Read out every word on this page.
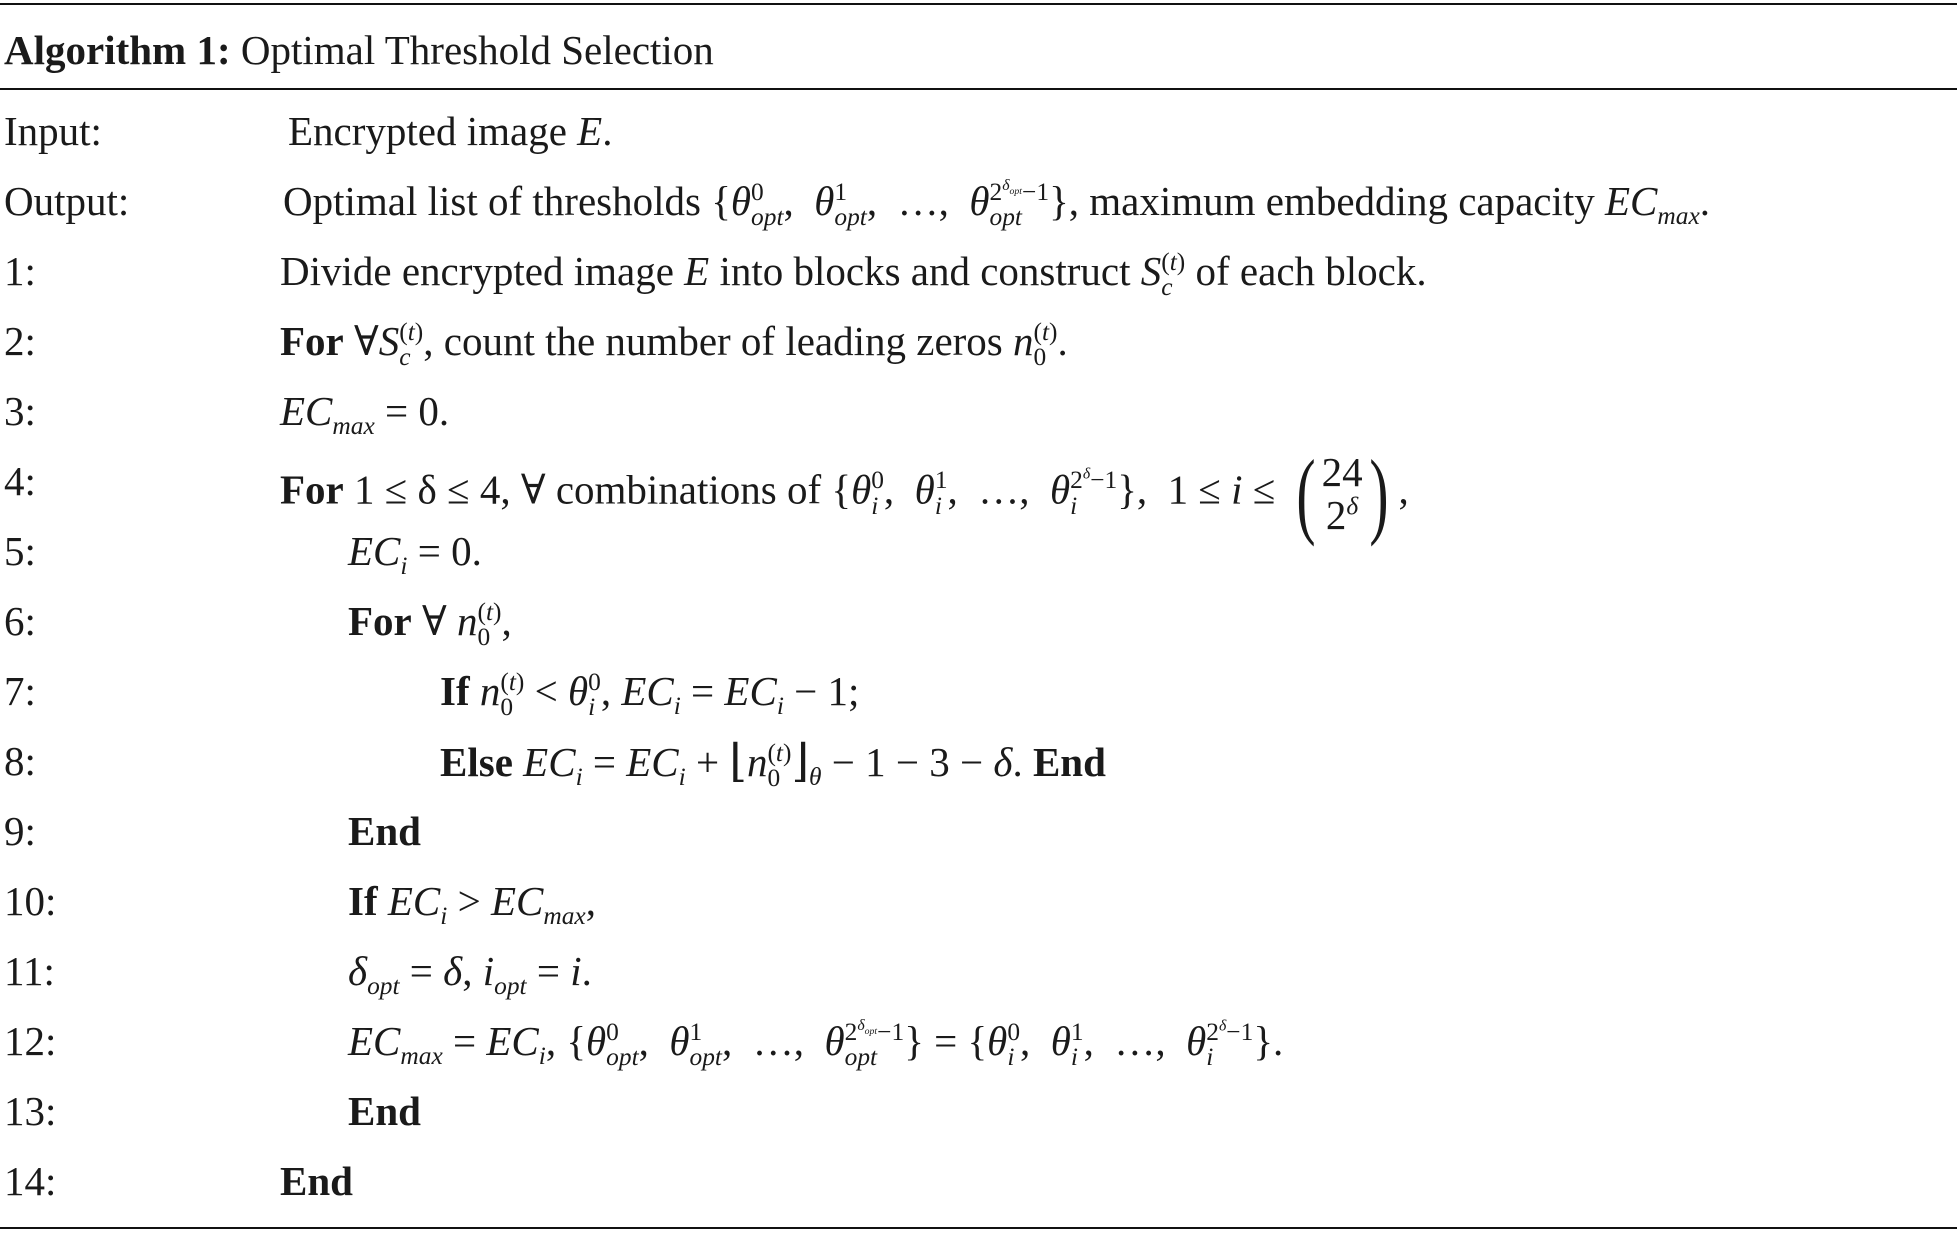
Algorithm 1: Optimal Threshold Selection
Input:	Encrypted image E.
Output:	Optimal list of thresholds {θ 0
opt ,  θ 1
opt ,  …,  θ $2^{\delta_{opt}}-1$
opt }, maximum embedding capacity $EC_{max}$.
1:	Divide encrypted image E into blocks and construct S (t)
c of each block.
2:	For ∀S (t)
c , count the number of leading zeros n (t)
0 .
3:	$EC_{max} = 0$.
4:	For 1 ≤ δ ≤ 4, ∀ combinations of {θ 0
i ,  θ 1
i ,  …,  θ $2^\delta-1$
i },  1 ≤ i ≤ ( 24
$2^\delta$ ) ,
5:	$EC_i = 0$.
6:	For ∀ n (t)
0 ,
7:	If n (t)
0 < θ 0
i , $EC_i = EC_i - 1$;
8:	Else $EC_i = EC_i$ + ⌊n (t)
0 $⌋_\theta - 1 - 3 - \delta$. End
9:	End
10:	If $EC_i > EC_{max}$,
11:	$\delta_{opt} = \delta$, $i_{opt} = i$.
12:	$EC_{max} = EC_i$, {θ 0
opt ,  θ 1
opt ,  …,  θ $2^{\delta_{opt}}-1$
opt } = {θ 0
i ,  θ 1
i ,  …,  θ $2^\delta-1$
i }.
13:	End
14:	End
